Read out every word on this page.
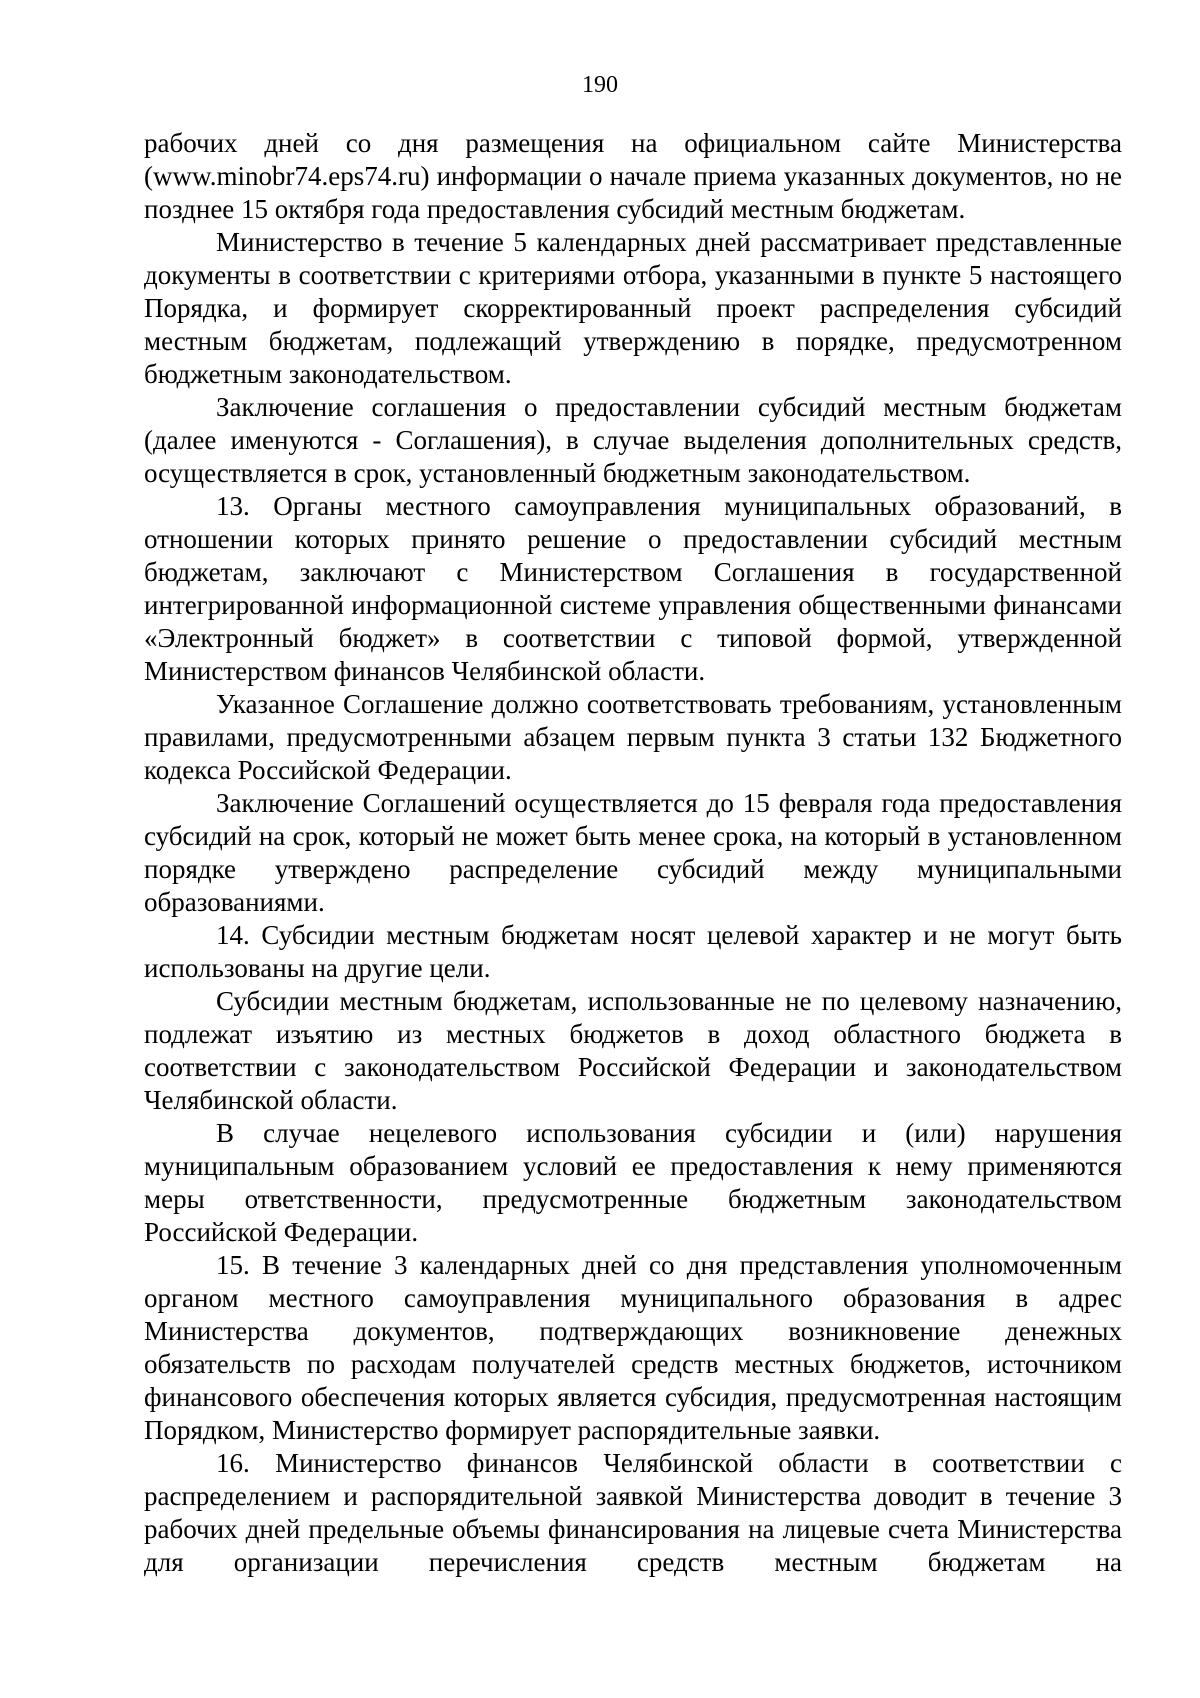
190

рабочих дней со дня размещения на официальном сайте Министерства (www.minobr74.eps74.ru) информации о начале приема указанных документов, но не позднее 15 октября года предоставления субсидий местным бюджетам.

Министерство в течение 5 календарных дней рассматривает представленные документы в соответствии с критериями отбора, указанными в пункте 5 настоящего Порядка, и формирует скорректированный проект распределения субсидий местным бюджетам, подлежащий утверждению в порядке, предусмотренном бюджетным законодательством.

Заключение соглашения о предоставлении субсидий местным бюджетам (далее именуются - Соглашения), в случае выделения дополнительных средств, осуществляется в срок, установленный бюджетным законодательством.

13. Органы местного самоуправления муниципальных образований, в отношении которых принято решение о предоставлении субсидий местным бюджетам, заключают с Министерством Соглашения в государственной интегрированной информационной системе управления общественными финансами «Электронный бюджет» в соответствии с типовой формой, утвержденной Министерством финансов Челябинской области.

Указанное Соглашение должно соответствовать требованиям, установленным правилами, предусмотренными абзацем первым пункта 3 статьи 132 Бюджетного кодекса Российской Федерации.

Заключение Соглашений осуществляется до 15 февраля года предоставления субсидий на срок, который не может быть менее срока, на который в установленном порядке утверждено распределение субсидий между муниципальными образованиями.

14. Субсидии местным бюджетам носят целевой характер и не могут быть использованы на другие цели.

Субсидии местным бюджетам, использованные не по целевому назначению, подлежат изъятию из местных бюджетов в доход областного бюджета в соответствии с законодательством Российской Федерации и законодательством Челябинской области.

В случае нецелевого использования субсидии и (или) нарушения муниципальным образованием условий ее предоставления к нему применяются меры ответственности, предусмотренные бюджетным законодательством Российской Федерации.

15. В течение 3 календарных дней со дня представления уполномоченным органом местного самоуправления муниципального образования в адрес Министерства документов, подтверждающих возникновение денежных обязательств по расходам получателей средств местных бюджетов, источником финансового обеспечения которых является субсидия, предусмотренная настоящим Порядком, Министерство формирует распорядительные заявки.

16. Министерство финансов Челябинской области в соответствии с распределением и распорядительной заявкой Министерства доводит в течение 3 рабочих дней предельные объемы финансирования на лицевые счета Министерства для организации перечисления средств местным бюджетам на
